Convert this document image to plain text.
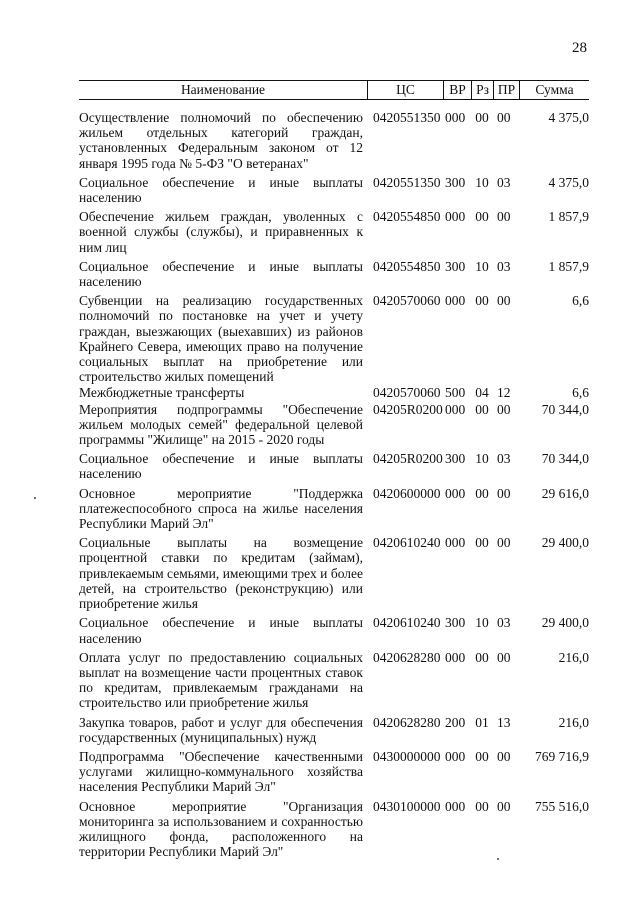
28
Наименование	ЦС	ВР Рз ПР	Сумма
Осуществление полномочий по обеспечению жильем отдельных категорий граждан, установленных Федеральным законом от 12 января 1995 года № 5-ФЗ "О ветеранах"
0420551350 000 00 00	4 375,0
Социальное обеспечение и иные выплаты населению
0420551350 300 10 03	4 375,0
Обеспечение жильем граждан, уволенных с военной службы (службы), и приравненных к ним лиц
0420554850 000 00 00	1 857,9
Социальное обеспечение и иные выплаты населению
0420554850 300 10 03	1 857,9
Субвенции на реализацию государственных полномочий по постановке на учет и учету граждан, выезжающих (выехавших) из районов Крайнего Севера, имеющих право на получение социальных выплат на приобретение или строительство жилых помещений
0420570060 000 00 00	6,6
Межбюджетные трансферты	0420570060 500 04 12	6,6
Мероприятия подпрограммы "Обеспечение жильем молодых семей" федеральной целевой программы "Жилище" на 2015 - 2020 годы
04205R0200 000 00 00	70 344,0
Социальное обеспечение и иные выплаты населению
04205R0200 300 10 03	70 344,0
Основное мероприятие "Поддержка платежеспособного спроса на жилье населения Республики Марий Эл"
0420600000 000 00 00	29 616,0
Социальные выплаты на возмещение процентной ставки по кредитам (займам), привлекаемым семьями, имеющими трех и более детей, на строительство (реконструкцию) или приобретение жилья
0420610240 000 00 00	29 400,0
Социальное обеспечение и иные выплаты населению
0420610240 300 10 03	29 400,0
Оплата услуг по предоставлению социальных выплат на возмещение части процентных ставок по кредитам, привлекаемым гражданами на строительство или приобретение жилья
0420628280 000 00 00	216,0
Закупка товаров, работ и услуг для обеспечения государственных (муниципальных) нужд
0420628280 200 01 13	216,0
Подпрограмма "Обеспечение качественными услугами жилищно-коммунального хозяйства населения Республики Марий Эл"
0430000000 000 00 00	769 716,9
Основное мероприятие "Организация мониторинга за использованием и сохранностью жилищного фонда, расположенного на территории Республики Марий Эл"
0430100000 000 00 00	755 516,0
